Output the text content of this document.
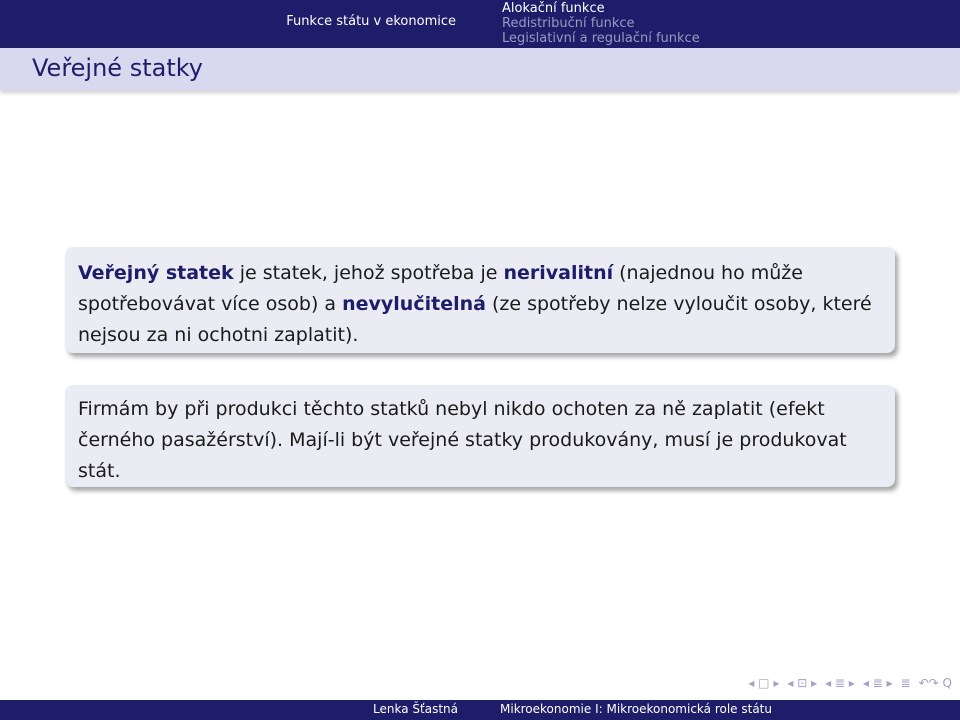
Funkce státu v ekonomice
Alokační funkce
Redistribuční funkce
Legislativní a regulační funkce
Veřejné statky
Veřejný statek je statek, jehož spotřeba je nerivalitní (najednou ho může spotřebovávat více osob) a nevylučitelná (ze spotřeby nelze vyloučit osoby, které nejsou za ni ochotni zaplatit).
Firmám by při produkci těchto statků nebyl nikdo ochoten za ně zaplatit (efekt černého pasažérství). Mají-li být veřejné statky produkovány, musí je produkovat stát.
◂ □ ▸ ◂ ⊡ ▸ ◂ ≣ ▸ ◂ ≣ ▸ ≣ ↶↷ Q
Lenka Šťastná	Mikroekonomie I: Mikroekonomická role státu
